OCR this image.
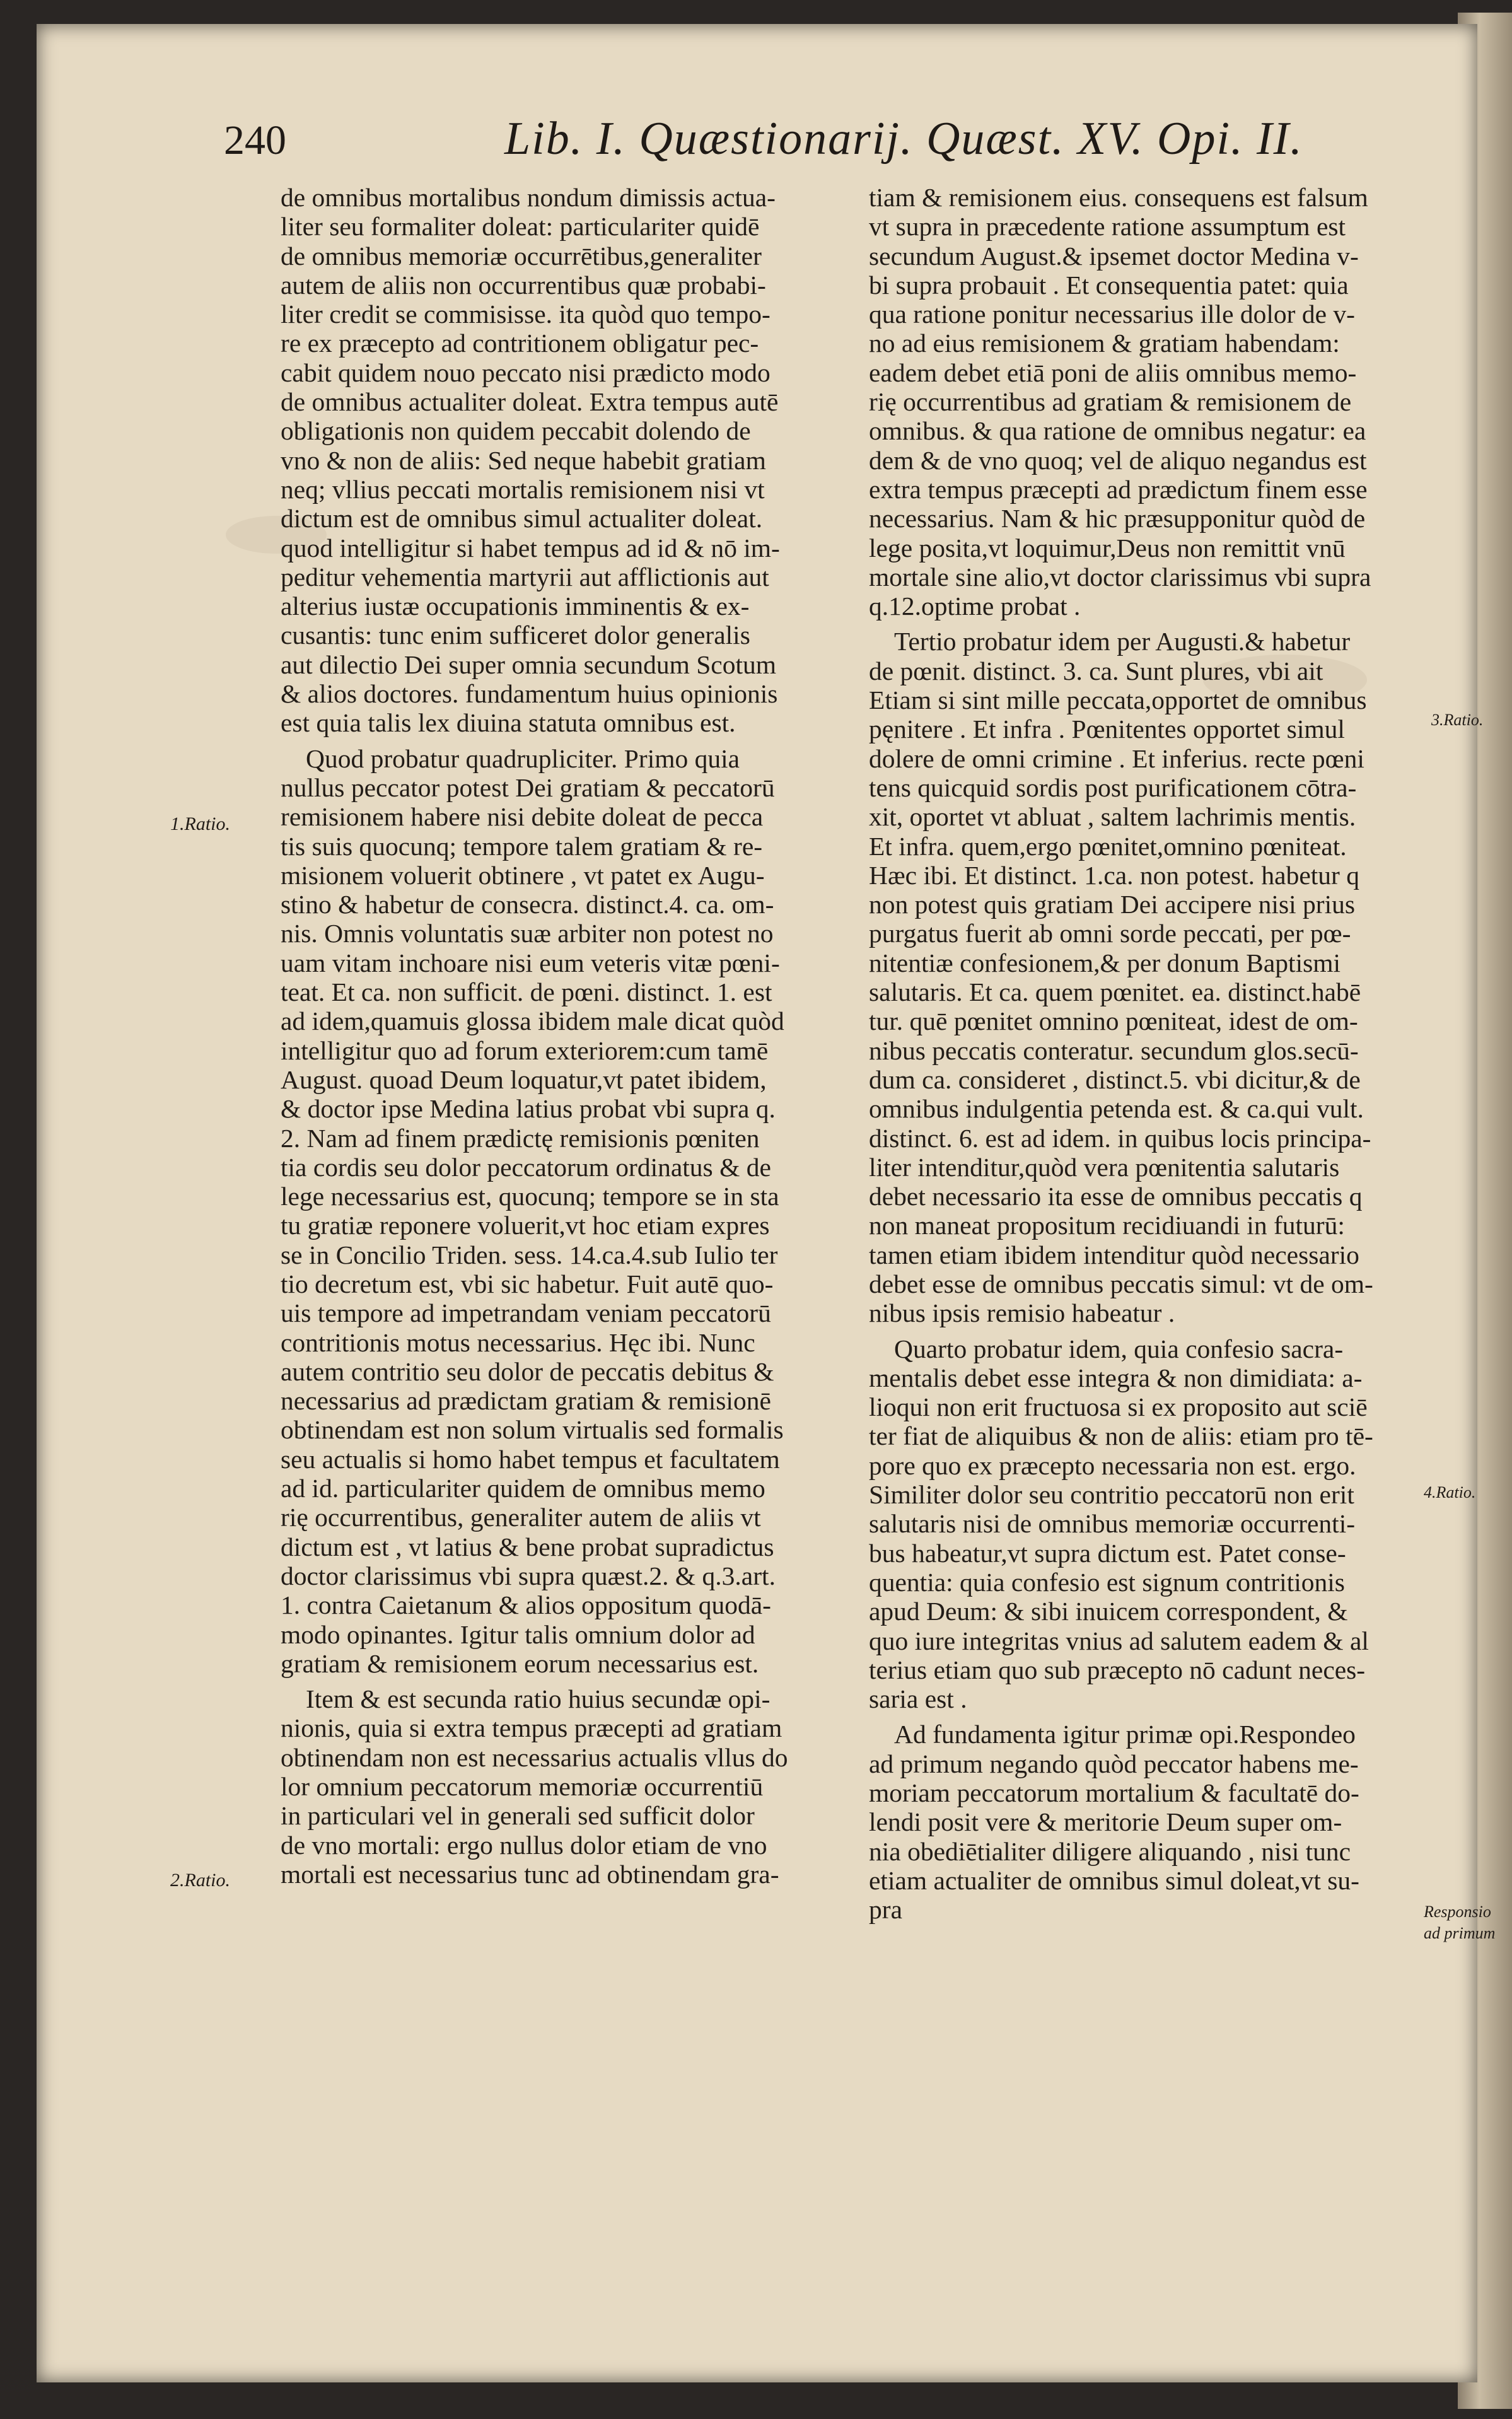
240	Lib. I. Quæstionarij. Quæst. XV. Opi. II.
de omnibus mortalibus nondum dimissis actua-
liter seu formaliter doleat: particulariter quidē
de omnibus memoriæ occurrētibus,generaliter
autem de aliis non occurrentibus quæ probabi-
liter credit se commisisse. ita quòd quo tempo-
re ex præcepto ad contritionem obligatur pec-
cabit quidem nouo peccato nisi prædicto modo
de omnibus actualiter doleat. Extra tempus autē
obligationis non quidem peccabit dolendo de
vno & non de aliis: Sed neque habebit gratiam
neq; vllius peccati mortalis remisionem nisi vt
dictum est de omnibus simul actualiter doleat.
quod intelligitur si habet tempus ad id & nō im-
peditur vehementia martyrii aut afflictionis aut
alterius iustæ occupationis imminentis & ex-
cusantis: tunc enim sufficeret dolor generalis
aut dilectio Dei super omnia secundum Scotum
& alios doctores. fundamentum huius opinionis
est quia talis lex diuina statuta omnibus est.
Quod probatur quadrupliciter. Primo quia
nullus peccator potest Dei gratiam & peccatorū
remisionem habere nisi debite doleat de pecca
tis suis quocunq; tempore talem gratiam & re-
misionem voluerit obtinere , vt patet ex Augu-
stino & habetur de consecra. distinct.4. ca. om-
nis. Omnis voluntatis suæ arbiter non potest no
uam vitam inchoare nisi eum veteris vitæ pœni-
teat. Et ca. non sufficit. de pœni. distinct. 1. est
ad idem,quamuis glossa ibidem male dicat quòd
intelligitur quo ad forum exteriorem:cum tamē
August. quoad Deum loquatur,vt patet ibidem,
& doctor ipse Medina latius probat vbi supra q.
2. Nam ad finem prædictę remisionis pœniten
tia cordis seu dolor peccatorum ordinatus & de
lege necessarius est, quocunq; tempore se in sta
tu gratiæ reponere voluerit,vt hoc etiam expres
se in Concilio Triden. sess. 14.ca.4.sub Iulio ter
tio decretum est, vbi sic habetur. Fuit autē quo-
uis tempore ad impetrandam veniam peccatorū
contritionis motus necessarius. Hęc ibi. Nunc
autem contritio seu dolor de peccatis debitus &
necessarius ad prædictam gratiam & remisionē
obtinendam est non solum virtualis sed formalis
seu actualis si homo habet tempus et facultatem
ad id. particulariter quidem de omnibus memo
rię occurrentibus, generaliter autem de aliis vt
dictum est , vt latius & bene probat supradictus
doctor clarissimus vbi supra quæst.2. & q.3.art.
1. contra Caietanum & alios oppositum quodā-
modo opinantes. Igitur talis omnium dolor ad
gratiam & remisionem eorum necessarius est.
Item & est secunda ratio huius secundæ opi-
nionis, quia si extra tempus præcepti ad gratiam
obtinendam non est necessarius actualis vllus do
lor omnium peccatorum memoriæ occurrentiū
in particulari vel in generali sed sufficit dolor
de vno mortali: ergo nullus dolor etiam de vno
mortali est necessarius tunc ad obtinendam gra-
tiam & remisionem eius. consequens est falsum
vt supra in præcedente ratione assumptum est
secundum August.& ipsemet doctor Medina v-
bi supra probauit . Et consequentia patet: quia
qua ratione ponitur necessarius ille dolor de v-
no ad eius remisionem & gratiam habendam:
eadem debet etiā poni de aliis omnibus memo-
rię occurrentibus ad gratiam & remisionem de
omnibus. & qua ratione de omnibus negatur: ea
dem & de vno quoq; vel de aliquo negandus est
extra tempus præcepti ad prædictum finem esse
necessarius. Nam & hic præsupponitur quòd de
lege posita,vt loquimur,Deus non remittit vnū
mortale sine alio,vt doctor clarissimus vbi supra
q.12.optime probat .
Tertio probatur idem per Augusti.& habetur
de pœnit. distinct. 3. ca. Sunt plures, vbi ait
Etiam si sint mille peccata,opportet de omnibus
pęnitere . Et infra . Pœnitentes opportet simul
dolere de omni crimine . Et inferius. recte pœni
tens quicquid sordis post purificationem cōtra-
xit, oportet vt abluat , saltem lachrimis mentis.
Et infra. quem,ergo pœnitet,omnino pœniteat.
Hæc ibi. Et distinct. 1.ca. non potest. habetur q
non potest quis gratiam Dei accipere nisi prius
purgatus fuerit ab omni sorde peccati, per pœ-
nitentiæ confesionem,& per donum Baptismi
salutaris. Et ca. quem pœnitet. ea. distinct.habē
tur. quē pœnitet omnino pœniteat, idest de om-
nibus peccatis conteratur. secundum glos.secū-
dum ca. consideret , distinct.5. vbi dicitur,& de
omnibus indulgentia petenda est. & ca.qui vult.
distinct. 6. est ad idem. in quibus locis principa-
liter intenditur,quòd vera pœnitentia salutaris
debet necessario ita esse de omnibus peccatis q
non maneat propositum recidiuandi in futurū:
tamen etiam ibidem intenditur quòd necessario
debet esse de omnibus peccatis simul: vt de om-
nibus ipsis remisio habeatur .
Quarto probatur idem, quia confesio sacra-
mentalis debet esse integra & non dimidiata: a-
lioqui non erit fructuosa si ex proposito aut sciē
ter fiat de aliquibus & non de aliis: etiam pro tē-
pore quo ex præcepto necessaria non est. ergo.
Similiter dolor seu contritio peccatorū non erit
salutaris nisi de omnibus memoriæ occurrenti-
bus habeatur,vt supra dictum est. Patet conse-
quentia: quia confesio est signum contritionis
apud Deum: & sibi inuicem correspondent, &
quo iure integritas vnius ad salutem eadem & al
terius etiam quo sub præcepto nō cadunt neces-
saria est .
Ad fundamenta igitur primæ opi.Respondeo
ad primum negando quòd peccator habens me-
moriam peccatorum mortalium & facultatē do-
lendi posit vere & meritorie Deum super om-
nia obediētialiter diligere aliquando , nisi tunc
etiam actualiter de omnibus simul doleat,vt su-
pra
1.Ratio.
2.Ratio.
3.Ratio.
4.Ratio.
Responsio
ad primum
